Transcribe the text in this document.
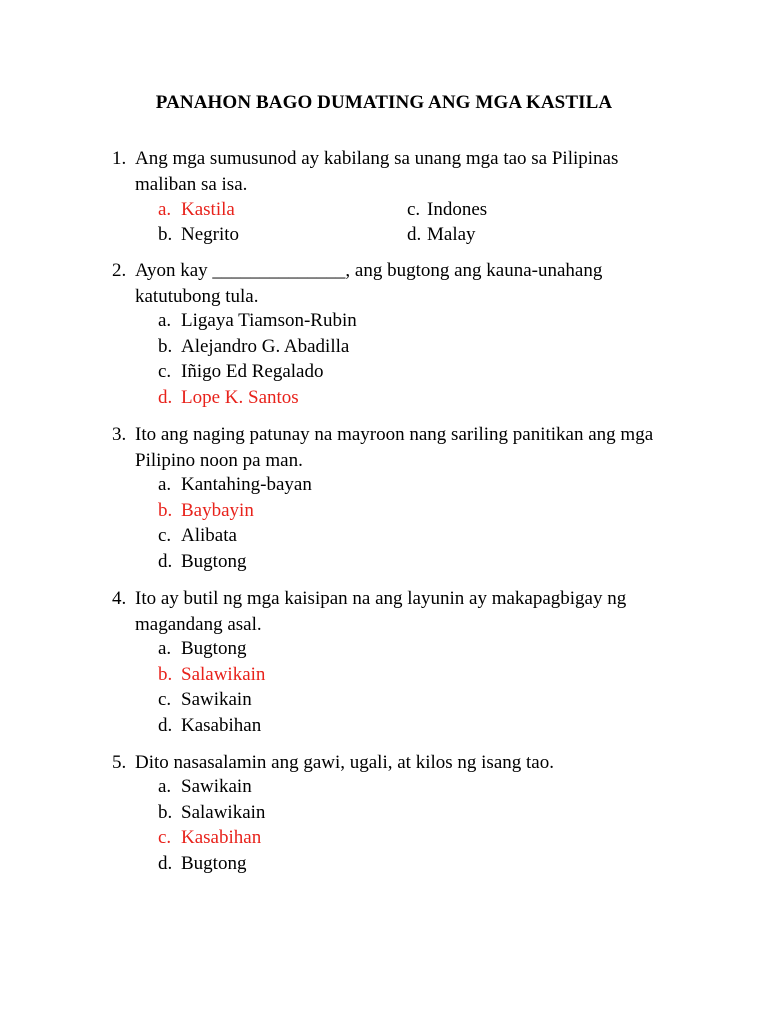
PANAHON BAGO DUMATING ANG MGA KASTILA
1. Ang mga sumusunod ay kabilang sa unang mga tao sa Pilipinas maliban sa isa.
a. Kastila	c. Indones
b. Negrito	d. Malay
2. Ayon kay ______________, ang bugtong ang kauna-unahang katutubong tula.
a. Ligaya Tiamson-Rubin
b. Alejandro G. Abadilla
c. Iñigo Ed Regalado
d. Lope K. Santos
3. Ito ang naging patunay na mayroon nang sariling panitikan ang mga Pilipino noon pa man.
a. Kantahing-bayan
b. Baybayin
c. Alibata
d. Bugtong
4. Ito ay butil ng mga kaisipan na ang layunin ay makapagbigay ng magandang asal.
a. Bugtong
b. Salawikain
c. Sawikain
d. Kasabihan
5. Dito nasasalamin ang gawi, ugali, at kilos ng isang tao.
a. Sawikain
b. Salawikain
c. Kasabihan
d. Bugtong
